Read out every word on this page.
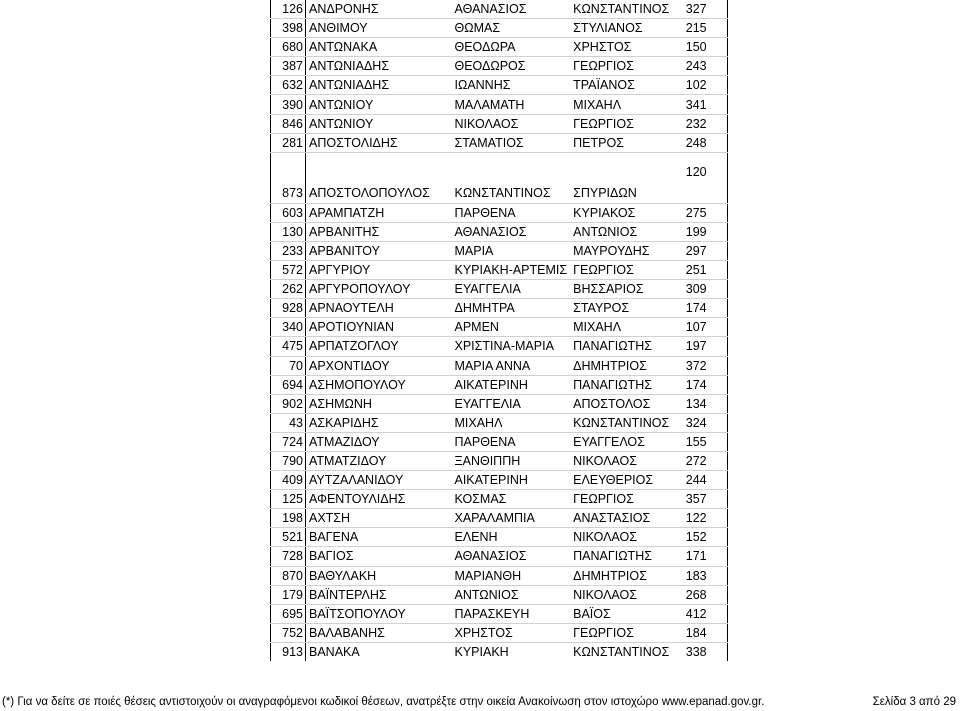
126	ΑΝΔΡΟΝΗΣ	ΑΘΑΝΑΣΙΟΣ	ΚΩΝΣΤΑΝΤΙΝΟΣ	327
398	ΑΝΘΙΜΟΥ	ΘΩΜΑΣ	ΣΤΥΛΙΑΝΟΣ	215
680	ΑΝΤΩΝΑΚΑ	ΘΕΟΔΩΡΑ	ΧΡΗΣΤΟΣ	150
387	ΑΝΤΩΝΙΑΔΗΣ	ΘΕΟΔΩΡΟΣ	ΓΕΩΡΓΙΟΣ	243
632	ΑΝΤΩΝΙΑΔΗΣ	ΙΩΑΝΝΗΣ	ΤΡΑΪΑΝΟΣ	102
390	ΑΝΤΩΝΙΟΥ	ΜΑΛΑΜΑΤΗ	ΜΙΧΑΗΛ	341
846	ΑΝΤΩΝΙΟΥ	ΝΙΚΟΛΑΟΣ	ΓΕΩΡΓΙΟΣ	232
281	ΑΠΟΣΤΟΛΙΔΗΣ	ΣΤΑΜΑΤΙΟΣ	ΠΕΤΡΟΣ	248
873	ΑΠΟΣΤΟΛΟΠΟΥΛΟΣ	ΚΩΝΣΤΑΝΤΙΝΟΣ	ΣΠΥΡΙΔΩΝ	120
603	ΑΡΑΜΠΑΤΖΗ	ΠΑΡΘΕΝΑ	ΚΥΡΙΑΚΟΣ	275
130	ΑΡΒΑΝΙΤΗΣ	ΑΘΑΝΑΣΙΟΣ	ΑΝΤΩΝΙΟΣ	199
233	ΑΡΒΑΝΙΤΟΥ	ΜΑΡΙΑ	ΜΑΥΡΟΥΔΗΣ	297
572	ΑΡΓΥΡΙΟΥ	ΚΥΡΙΑΚΗ-ΑΡΤΕΜΙΣ	ΓΕΩΡΓΙΟΣ	251
262	ΑΡΓΥΡΟΠΟΥΛΟΥ	ΕΥΑΓΓΕΛΙΑ	ΒΗΣΣΑΡΙΟΣ	309
928	ΑΡΝΑΟΥΤΕΛΗ	ΔΗΜΗΤΡΑ	ΣΤΑΥΡΟΣ	174
340	ΑΡΟΤΙΟΥΝΙΑΝ	ΑΡΜΕΝ	ΜΙΧΑΗΛ	107
475	ΑΡΠΑΤΖΟΓΛΟΥ	ΧΡΙΣΤΙΝΑ-ΜΑΡΙΑ	ΠΑΝΑΓΙΩΤΗΣ	197
70	ΑΡΧΟΝΤΙΔΟΥ	ΜΑΡΙΑ ΑΝΝΑ	ΔΗΜΗΤΡΙΟΣ	372
694	ΑΣΗΜΟΠΟΥΛΟΥ	ΑΙΚΑΤΕΡΙΝΗ	ΠΑΝΑΓΙΩΤΗΣ	174
902	ΑΣΗΜΩΝΗ	ΕΥΑΓΓΕΛΙΑ	ΑΠΟΣΤΟΛΟΣ	134
43	ΑΣΚΑΡΙΔΗΣ	ΜΙΧΑΗΛ	ΚΩΝΣΤΑΝΤΙΝΟΣ	324
724	ΑΤΜΑΖΙΔΟΥ	ΠΑΡΘΕΝΑ	ΕΥΑΓΓΕΛΟΣ	155
790	ΑΤΜΑΤΖΙΔΟΥ	ΞΑΝΘΙΠΠΗ	ΝΙΚΟΛΑΟΣ	272
409	ΑΥΤΖΑΛΑΝΙΔΟΥ	ΑΙΚΑΤΕΡΙΝΗ	ΕΛΕΥΘΕΡΙΟΣ	244
125	ΑΦΕΝΤΟΥΛΙΔΗΣ	ΚΟΣΜΑΣ	ΓΕΩΡΓΙΟΣ	357
198	ΑΧΤΣΗ	ΧΑΡΑΛΑΜΠΙΑ	ΑΝΑΣΤΑΣΙΟΣ	122
521	ΒΑΓΕΝΑ	ΕΛΕΝΗ	ΝΙΚΟΛΑΟΣ	152
728	ΒΑΓΙΟΣ	ΑΘΑΝΑΣΙΟΣ	ΠΑΝΑΓΙΩΤΗΣ	171
870	ΒΑΘΥΛΑΚΗ	ΜΑΡΙΑΝΘΗ	ΔΗΜΗΤΡΙΟΣ	183
179	ΒΑΪΝΤΕΡΛΗΣ	ΑΝΤΩΝΙΟΣ	ΝΙΚΟΛΑΟΣ	268
695	ΒΑΪΤΣΟΠΟΥΛΟΥ	ΠΑΡΑΣΚΕΥΗ	ΒΑΪΟΣ	412
752	ΒΑΛΑΒΑΝΗΣ	ΧΡΗΣΤΟΣ	ΓΕΩΡΓΙΟΣ	184
913	ΒΑΝΑΚΑ	ΚΥΡΙΑΚΗ	ΚΩΝΣΤΑΝΤΙΝΟΣ	338
(*) Για να δείτε σε ποιές θέσεις αντιστοιχούν οι αναγραφόμενοι κωδικοί θέσεων, ανατρέξτε στην οικεία Ανακοίνωση στον ιστοχώρο www.epanad.gov.gr.	Σελίδα 3 από 29
